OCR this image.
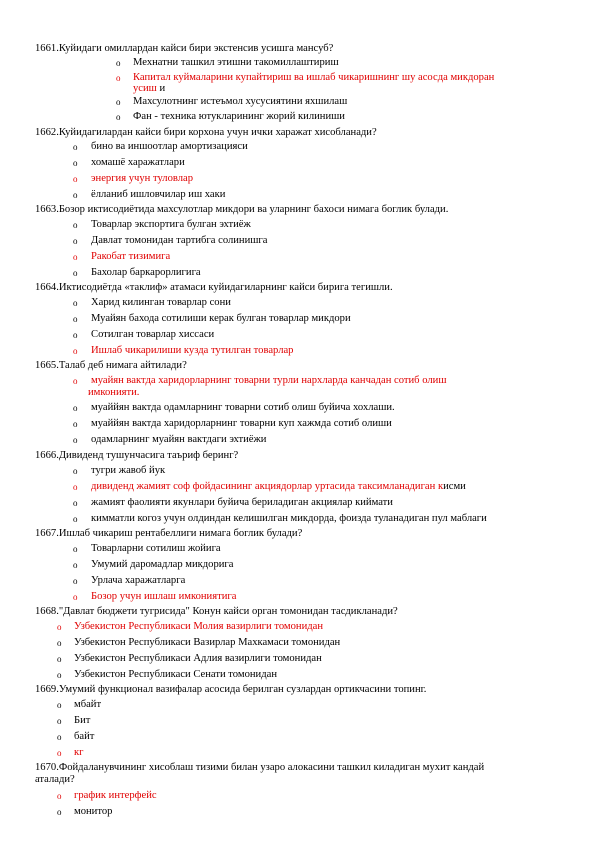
1661.Куйидаги омиллардан кайси бири экстенсив усишга мансуб?
o Мехнатни ташкил этишни такомиллаштириш
o Капитал куймаларини купайтириш ва ишлаб чикаришнинг шу асосда микдоран
усиш и
o Махсулотнинг истеъмол хусусиятини яхшилаш
o Фан - техника ютукларининг жорий килиниши
1662.Куйидагилардан кайси бири корхона учун ички харажат хисобланади?
o бино ва иншоотлар амортизацияси
o хомашё харажатлари
o энергия учун туловлар
o ёлланиб ишловчилар иш хаки
1663.Бозор иктисодиётида махсулотлар микдори ва уларнинг бахоси нимага боглик булади.
o Товарлар экспортига булган эхтиёж
o Давлат томонидан тартибга солинишга
o Ракобат тизимига
o Бахолар баркарорлигига
1664.Иктисодиётда «таклиф» атамаси куйидагиларнинг кайси бирига тегишли.
o Харид килинган товарлар сони
o Муайян бахода сотилиши керак булган товарлар микдори
o Сотилган товарлар хиссаси
o Ишлаб чикарилиши кузда тутилган товарлар
1665.Талаб деб нимага айтилади?
o муайян вактда харидорларнинг товарни турли нархларда канчадан сотиб олиш
имконияти.
o муаййян вактда одамларнинг товарни сотиб олиш буйича хохлаши.
o муаййян вактда харидорларнинг товарни куп хажмда сотиб олиши
o одамларнинг муайян вактдаги эхтиёжи
1666.Дивиденд тушунчасига таъриф беринг?
o тугри жавоб йук
o дивиденд жамият соф фойдасининг акциядорлар уртасида таксимланадиган кисми
o жамият фаолияти якунлари буйича бериладиган акциялар киймати
o кимматли когоз учун олдиндан келишилган микдорда, фоизда туланадиган пул маблаги
1667.Ишлаб чикариш рентабеллиги нимага боглик булади?
o Товарларни сотилиш жойига
o Умумий даромадлар микдорига
o Урлача харажатларга
o Бозор учун ишлаш имкониятига
1668."Давлат бюджети тугрисида" Конун кайси орган томонидан тасдикланади?
o Узбекистон Республикаси Молия вазирлиги томонидан
o Узбекистон Республикаси Вазирлар Махкамаси томонидан
o Узбекистон Республикаси Адлия вазирлиги томонидан
o Узбекистон Республикаси Сенати томонидан
1669.Умумий функционал вазифалар асосида берилган сузлардан ортикчасини топинг.
o мбайт
o Бит
o байт
o кг
1670.Фойдаланувчининг хисоблаш тизими билан узаро алокасини ташкил киладиган мухит кандай
аталади?
o график интерфейс
o монитор
